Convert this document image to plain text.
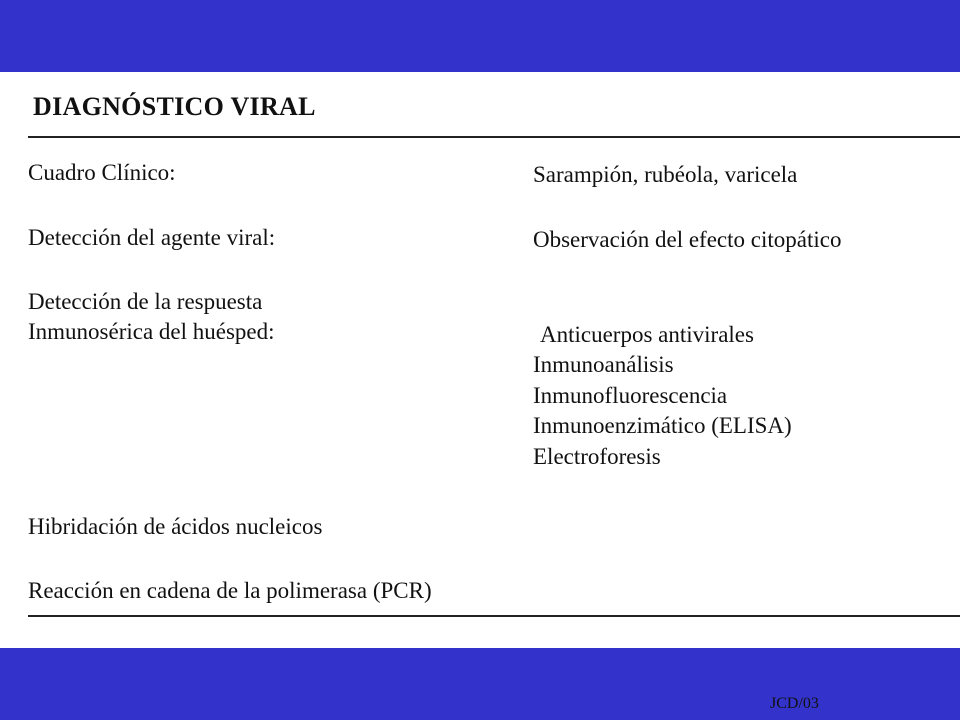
DIAGNÓSTICO VIRAL
Cuadro Clínico:	Sarampión, rubéola, varicela
Detección del agente viral:	Observación del efecto citopático
Detección de la respuesta
Inmunosérica del huésped:	Anticuerpos antivirales
Inmunoanálisis
Inmunofluorescencia
Inmunoenzimático (ELISA)
Electroforesis
Hibridación de ácidos nucleicos
Reacción en cadena de la polimerasa (PCR)
JCD/03
